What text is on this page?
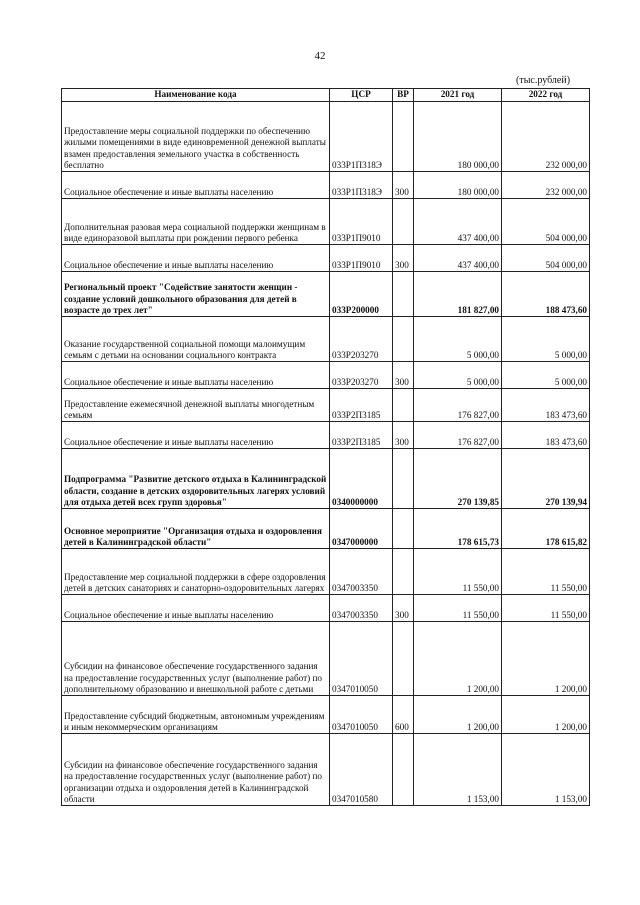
42
(тыс.рублей)
Наименование кода	ЦСР	ВР	2021 год	2022 год
Предоставление меры социальной поддержки по обеспечению жилыми помещениями в виде единовременной денежной выплаты взамен предоставления земельного участка в собственность бесплатно	033Р1П318Э		180 000,00	232 000,00
Социальное обеспечение и иные выплаты населению	033Р1П318Э	300	180 000,00	232 000,00
Дополнительная разовая мера социальной поддержки женщинам в виде единоразовой выплаты при рождении первого ребенка	033Р1П9010		437 400,00	504 000,00
Социальное обеспечение и иные выплаты населению	033Р1П9010	300	437 400,00	504 000,00
Региональный проект "Содействие занятости женщин - создание условий дошкольного образования для детей в возрасте до трех лет"	033Р200000		181 827,00	188 473,60
Оказание государственной социальной помощи малоимущим семьям с детьми на основании социального контракта	033Р203270		5 000,00	5 000,00
Социальное обеспечение и иные выплаты населению	033Р203270	300	5 000,00	5 000,00
Предоставление ежемесячной денежной выплаты многодетным семьям	033Р2П3185		176 827,00	183 473,60
Социальное обеспечение и иные выплаты населению	033Р2П3185	300	176 827,00	183 473,60
Подпрограмма "Развитие детского отдыха в Калининградской области, создание в детских оздоровительных лагерях условий для отдыха детей всех групп здоровья"	0340000000		270 139,85	270 139,94
Основное мероприятие "Организация отдыха и оздоровления детей в Калининградской области"	0347000000		178 615,73	178 615,82
Предоставление мер социальной поддержки в сфере оздоровления детей в детских санаториях и санаторно-оздоровительных лагерях	0347003350		11 550,00	11 550,00
Социальное обеспечение и иные выплаты населению	0347003350	300	11 550,00	11 550,00
Субсидии на финансовое обеспечение государственного задания на предоставление государственных услуг (выполнение работ) по дополнительному образованию и внешкольной работе с детьми	0347010050		1 200,00	1 200,00
Предоставление субсидий бюджетным, автономным учреждениям и иным некоммерческим организациям	0347010050	600	1 200,00	1 200,00
Субсидии на финансовое обеспечение государственного задания на предоставление государственных услуг (выполнение работ) по организации отдыха и оздоровления детей в Калининградской области	0347010580		1 153,00	1 153,00
